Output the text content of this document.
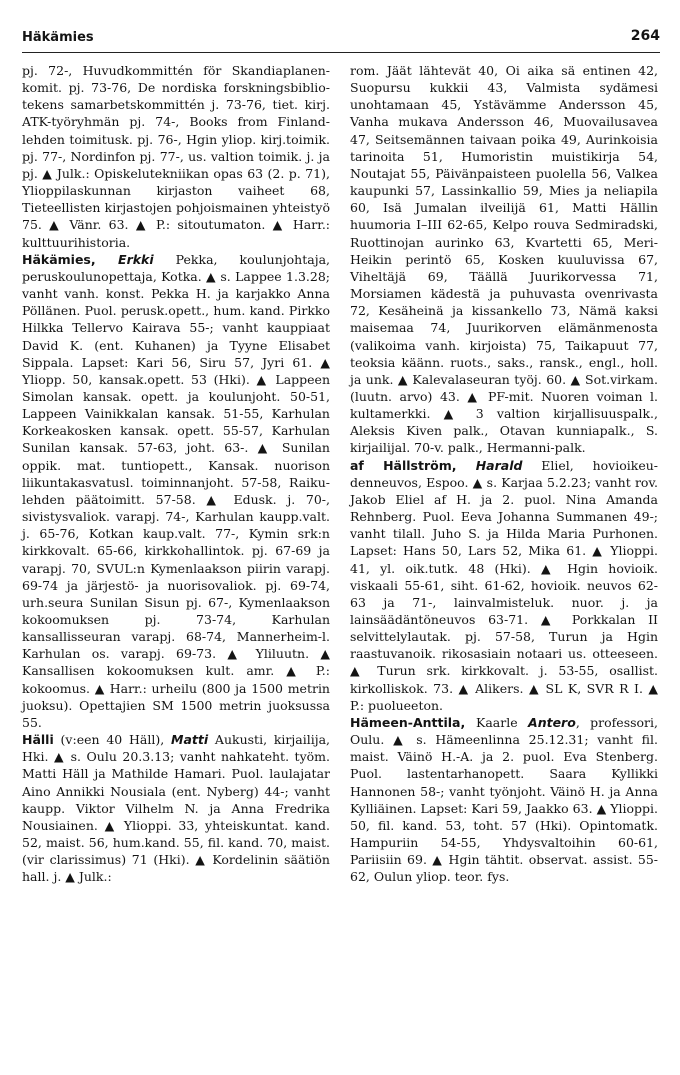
Häkämies	264

pj. 72-, Huvudkommittén för Skandiaplanen-komit. pj. 73-76, De nordiska forskningsbibliotekens samarbetskommittén j. 73-76, tiet. kirj. ATK-työryhmän pj. 74-, Books from Finland-lehden toimitusk. pj. 76-, Hgin yliop. kirj.toimik. pj. 77-, Nordinfon pj. 77-, us. valtion toimik. j. ja pj. ▲ Julk.: Opiskelutekniikan opas 63 (2. p. 71), Ylioppilaskunnan kirjaston vaiheet 68, Tieteellisten kirjastojen pohjoismainen yhteistyö 75. ▲ Vänr. 63. ▲ P.: sitoutumaton. ▲ Harr.: kulttuurihistoria.

Häkämies, Erkki Pekka, koulunjohtaja, peruskoulunopettaja, Kotka. ▲ s. Lappee 1.3.28; vanht vanh. konst. Pekka H. ja karjakko Anna Pöllänen. Puol. perusk.opett., hum. kand. Pirkko Hilkka Tellervo Kairava 55-; vanht kauppiaat David K. (ent. Kuhanen) ja Tyyne Elisabet Sippala. Lapset: Kari 56, Siru 57, Jyri 61. ▲ Yliopp. 50, kansak.opett. 53 (Hki). ▲ Lappeen Simolan kansak. opett. ja koulunjoht. 50-51, Lappeen Vainikkalan kansak. 51-55, Karhulan Korkeakosken kansak. opett. 55-57, Karhulan Sunilan kansak. 57-63, joht. 63-. ▲ Sunilan oppik. mat. tuntiopett., Kansak. nuorison liikuntakasvatusl. toiminnanjoht. 57-58, Raiku-lehden päätoimitt. 57-58. ▲ Edusk. j. 70-, sivistysvaliok. varapj. 74-, Karhulan kaupp.valt. j. 65-76, Kotkan kaup.valt. 77-, Kymin srk:n kirkkovalt. 65-66, kirkkohallintok. pj. 67-69 ja varapj. 70, SVUL:n Kymenlaakson piirin varapj. 69-74 ja järjestö- ja nuorisovaliok. pj. 69-74, urh.seura Sunilan Sisun pj. 67-, Kymenlaakson kokoomuksen pj. 73-74, Karhulan kansallisseuran varapj. 68-74, Mannerheim-l. Karhulan os. varapj. 69-73. ▲ Yliluutn. ▲ Kansallisen kokoomuksen kult. amr. ▲ P.: kokoomus. ▲ Harr.: urheilu (800 ja 1500 metrin juoksu). Opettajien SM 1500 metrin juoksussa 55.

Hälli (v:een 40 Häll), Matti Aukusti, kirjailija, Hki. ▲ s. Oulu 20.3.13; vanht nahkateht. työm. Matti Häll ja Mathilde Hamari. Puol. laulajatar Aino Annikki Nousiala (ent. Nyberg) 44-; vanht kaupp. Viktor Vilhelm N. ja Anna Fredrika Nousiainen. ▲ Ylioppi. 33, yhteiskuntat. kand. 52, maist. 56, hum.kand. 55, fil. kand. 70, maist. (vir clarissimus) 71 (Hki). ▲ Kordelinin säätiön hall. j. ▲ Julk.:

rom. Jäät lähtevät 40, Oi aika sä entinen 42, Suopursu kukkii 43, Valmista sydämesi unohtamaan 45, Ystävämme Andersson 45, Vanha mukava Andersson 46, Muovailusavea 47, Seitsemännen taivaan poika 49, Aurinkoisia tarinoita 51, Humoristin muistikirja 54, Noutajat 55, Päivänpaisteen puolella 56, Valkea kaupunki 57, Lassinkallio 59, Mies ja neliapila 60, Isä Jumalan ilveilijä 61, Matti Hällin huumoria I–III 62-65, Kelpo rouva Sedmiradski, Ruottinojan aurinko 63, Kvartetti 65, MeriHeikin perintö 65, Kosken kuuluvissa 67, Viheltäjä 69, Täällä Juurikorvessa 71, Morsiamen kädestä ja puhuvasta ovenrivasta 72, Kesäheinä ja kissankello 73, Nämä kaksi maisemaa 74, Juurikorven elämänmenosta (valikoima vanh. kirjoista) 75, Taikapuut 77, teoksia käänn. ruots., saks., ransk., engl., holl. ja unk. ▲ Kalevalaseuran työj. 60. ▲ Sot.virkam. (luutn. arvo) 43. ▲ PF-mit. Nuoren voiman l. kultamerkki. ▲ 3 valtion kirjallisuuspalk., Aleksis Kiven palk., Otavan kunniapalk., S. kirjailijal. 70-v. palk., Hermanni-palk.

af Hällström, Harald Eliel, hovioikeudenneuvos, Espoo. ▲ s. Karjaa 5.2.23; vanht rov. Jakob Eliel af H. ja 2. puol. Nina Amanda Rehnberg. Puol. Eeva Johanna Summanen 49-; vanht tilall. Juho S. ja Hilda Maria Purhonen. Lapset: Hans 50, Lars 52, Mika 61. ▲ Ylioppi. 41, yl. oik.tutk. 48 (Hki). ▲ Hgin hovioik. viskaali 55-61, siht. 61-62, hovioik. neuvos 62-63 ja 71-, lainvalmisteluk. nuor. j. ja lainsäädäntöneuvos 63-71. ▲ Porkkalan II selvittelylautak. pj. 57-58, Turun ja Hgin raastuvanoik. rikosasiain notaari us. otteeseen. ▲ Turun srk. kirkkovalt. j. 53-55, osallist. kirkolliskok. 73. ▲ Alikers. ▲ SL K, SVR R I. ▲ P.: puolueeton.

Hämeen-Anttila, Kaarle Antero, professori, Oulu. ▲ s. Hämeenlinna 25.12.31; vanht fil. maist. Väinö H.-A. ja 2. puol. Eva Stenberg. Puol. lastentarhanopett. Saara Kyllikki Hannonen 58-; vanht työnjoht. Väinö H. ja Anna Kylliäinen. Lapset: Kari 59, Jaakko 63. ▲ Ylioppi. 50, fil. kand. 53, toht. 57 (Hki). Opintomatk. Hampuriin 54-55, Yhdysvaltoihin 60-61, Pariisiin 69. ▲ Hgin tähtit. observat. assist. 55-62, Oulun yliop. teor. fys.
